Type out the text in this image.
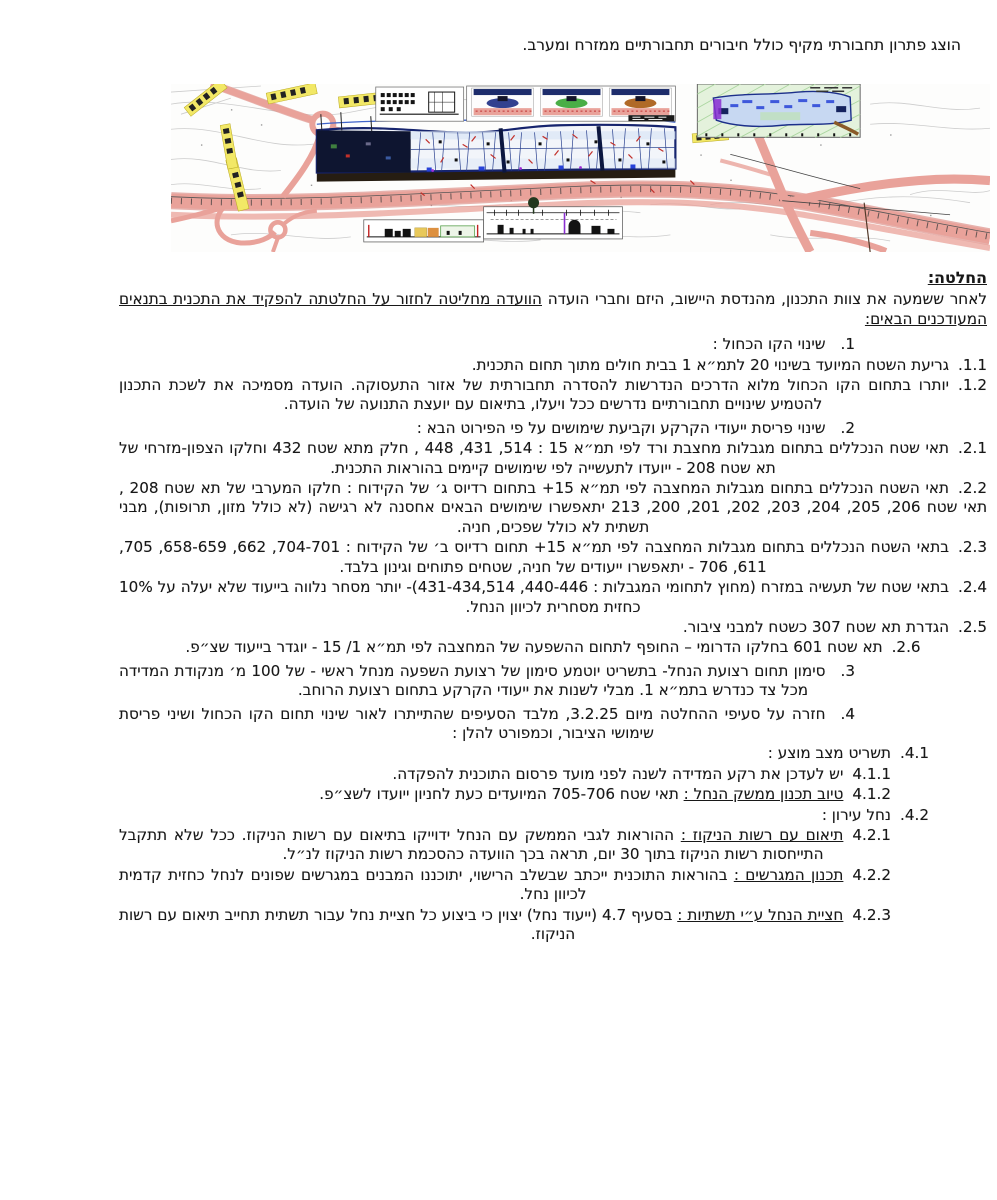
הוצג פתרון תחבורתי מקיף כולל חיבורים תחבורתיים ממזרח ומערב.

החלטה:

לאחר ששמעה את צוות התכנון, מהנדסת היישוב, היזם וחברי הועדה הוועדה מחליטה לחזור על החלטתה להפקיד את התכנית בתנאים המעודכנים הבאים:

1.שינוי הקו הכחול :

1.1.גריעת השטח המיועד בשינוי 20 לתמ״א 1 בבית חולים מתוך תחום התכנית.

1.2.יותרו בתחום הקו הכחול מלוא הדרכים הנדרשות להסדרה תחבורתית של אזור התעסוקה. הועדה מסמיכה את לשכת התכנון להטמיע שינויים תחבורתיים נדרשים ככל ויעלו, בתיאום עם יועצת התנועה של הועדה.

2.שינוי פריסת ייעודי הקרקע וקביעת שימושים על פי הפירוט הבא :

2.1.תאי שטח הנכללים בתחום מגבלות מחצבת ורד לפי תמ״א 15 : 514, 431, 448 , חלק מתא שטח 432 וחלקו הצפון-מזרחי של תא שטח 208 - ייועדו לתעשייה לפי שימושים קיימים בהוראות התכנית.

2.2.תאי השטח הנכללים בתחום מגבלות המחצבה לפי תמ״א 15+ בתחום רדיוס ג׳ של הקידוח : חלקו המערבי של תא שטח 208 , תאי שטח 206, 205, 204, 203, 202, 201, 200, 213 יתאפשרו שימושים הבאים אחסנה לא רגישה (לא כולל מזון, תרופות), מבני תשתית לא כולל שפכים, חניה.

2.3.בתאי השטח הנכללים בתחום מגבלות המחצבה לפי תמ״א 15+ תחום רדיוס ב׳ של הקידוח : 704-701, 662, 658-659, 705, 611, 706 - יתאפשרו ייעודים של חניה, שטחים פתוחים וגינון בלבד.

2.4.בתאי שטח של תעשיה במזרח (מחוץ לתחומי המגבלות : 440-446, 431-434,514)- יותר מסחר נלווה בייעוד שלא יעלה על 10% כחזית מסחרית לכיוון הנחל.

2.5.הגדרת תא שטח 307 כשטח למבני ציבור.

2.6.תא שטח 601 בחלקו הדרומי – החופף לתחום ההשפעה של המחצבה לפי תמ״א 1/ 15 - יוגדר בייעוד שצ״פ.

3.סימון תחום רצועת הנחל- בתשריט יוטמע סימון של רצועת השפעה מנחל ראשי - של 100 מ׳ מנקודת המדידה מכל צד כנדרש בתמ״א 1. מבלי לשנות את ייעודי הקרקע בתחום רצועת הרוחב.

4.חזרה על סעיפי ההחלטה מיום 3.2.25, מלבד הסעיפים שהתייתרו לאור שינוי תחום הקו הכחול ושיני פריסת שימושי הציבור, וכמפורט להלן :

4.1.תשריט מצב מוצע :

4.1.1יש לעדכן את רקע המדידה לשנה לפני מועד פרסום התוכנית להפקדה.

4.1.2טיוב תכנון ממשק הנחל : תאי שטח 705-706 המיועדים כעת לחניון ייועדו לשצ״פ.

4.2.נחל עירון :

4.2.1תיאום עם רשות הניקוז : ההוראות לגבי הממשק עם הנחל ידוייקו בתיאום עם רשות הניקוז. ככל שלא תתקבל התייחסות רשות הניקוז בתוך 30 יום, תראה בכך הוועדה כהסכמת רשות הניקוז לנ״ל.

4.2.2תכנון המגרשים : בהוראות התוכנית ייכתב שבשלב הרישוי, יתוכננו המבנים במגרשים שפונים לנחל כחזית קדמית לכיוון נחל.

4.2.3חציית הנחל ע״י תשתיות : בסעיף 4.7 (ייעוד נחל) יצוין כי ביצוע כל חציית נחל עבור תשתית תחייב תיאום עם רשות הניקוז.
